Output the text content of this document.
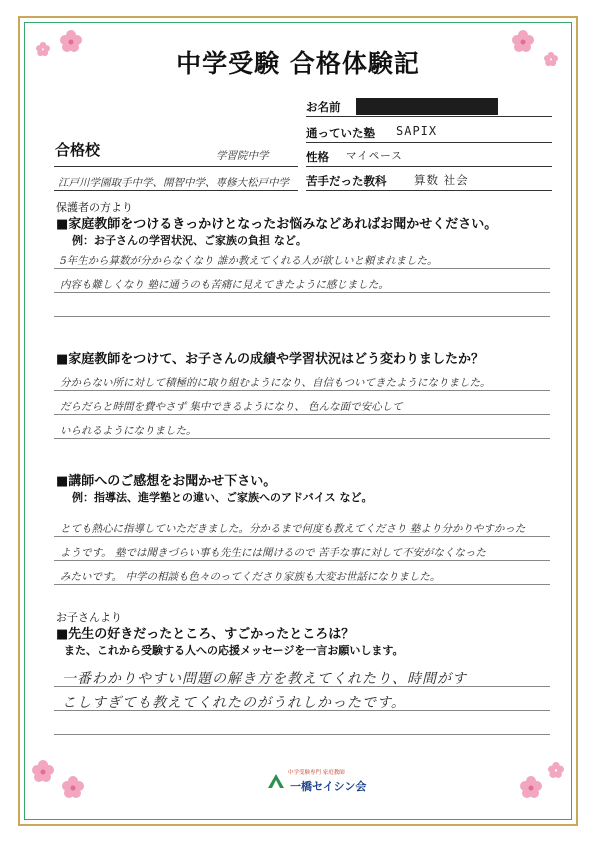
中学受験 合格体験記
お名前
通っていた塾 SAPIX
性格 マイペース
苦手だった教科 算数 社会
合格校	学習院中学
江戸川学園取手中学、開智中学、専修大松戸中学
保護者の方より
■家庭教師をつけるきっかけとなったお悩みなどあればお聞かせください。
例：お子さんの学習状況、ご家族の負担 など。
5年生から算数が分からなくなり 誰か教えてくれる人が欲しいと頼まれました。
内容も難しくなり 塾に通うのも苦痛に見えてきたように感じました。
■家庭教師をつけて、お子さんの成績や学習状況はどう変わりましたか？
分からない所に対して積極的に取り組むようになり、自信もついてきたようになりました。
だらだらと時間を費やさず 集中できるようになり、 色んな面で安心して
いられるようになりました。
■講師へのご感想をお聞かせ下さい。
例：指導法、進学塾との違い、ご家族へのアドバイス など。
とても熱心に指導していただきました。分かるまで何度も教えてくださり 塾より分かりやすかった
ようです。 塾では聞きづらい事も先生には聞けるので 苦手な事に対して不安がなくなった
みたいです。 中学の相談も色々のってくださり家族も大変お世話になりました。
お子さんより
■先生の好きだったところ、すごかったところは？
また、これから受験する人への応援メッセージを一言お願いします。
一番わかりやすい問題の解き方を教えてくれたり、時間がす
こしすぎても教えてくれたのがうれしかったです。
中学受験専門 家庭教師
一橋セイシン会
